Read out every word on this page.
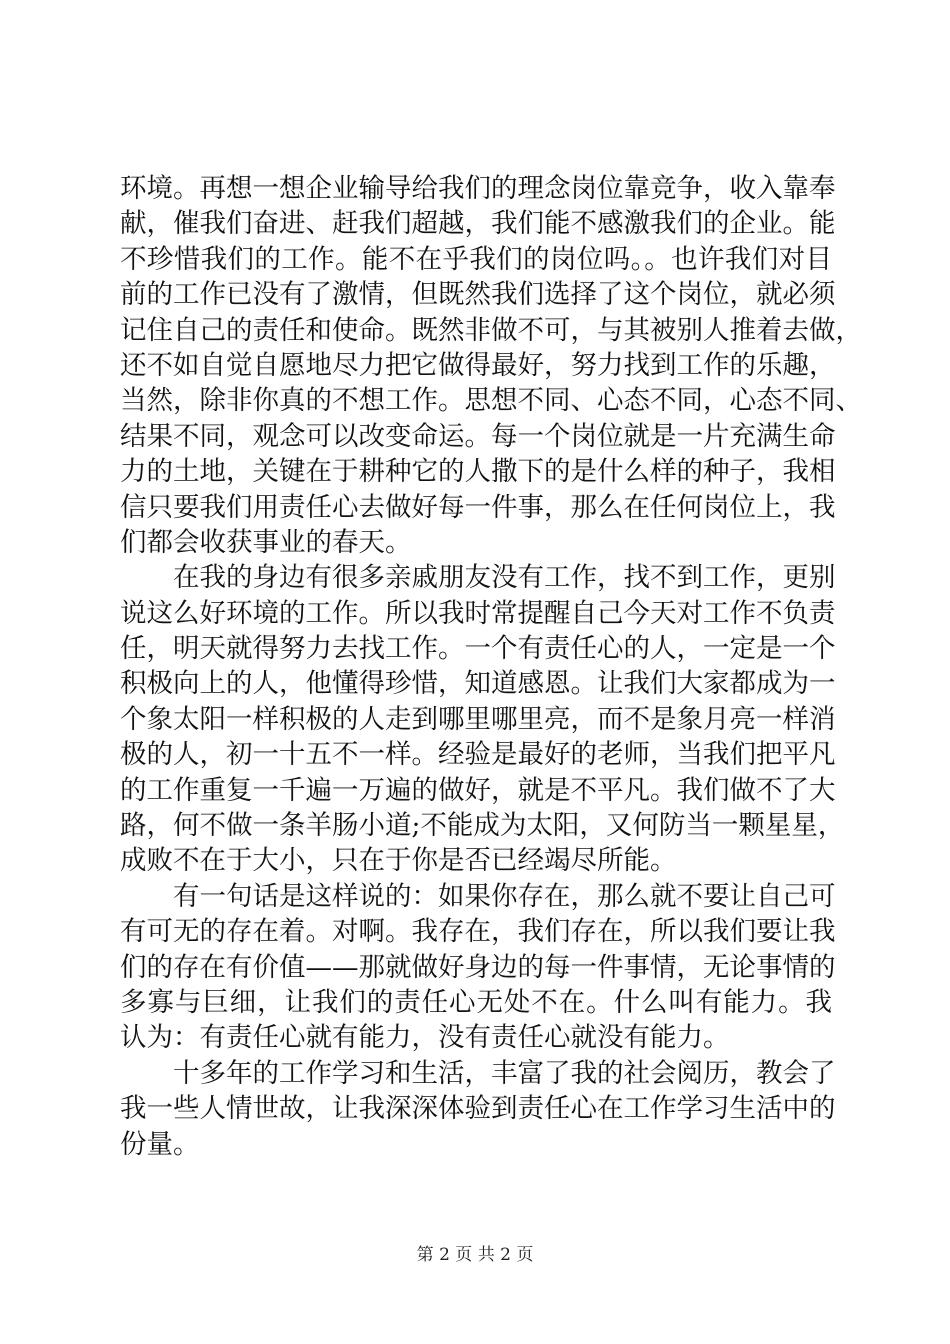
环境。再想一想企业输导给我们的理念岗位靠竞争，收入靠奉
献，催我们奋进、赶我们超越，我们能不感激我们的企业。能
不珍惜我们的工作。能不在乎我们的岗位吗。。也许我们对目
前的工作已没有了激情，但既然我们选择了这个岗位，就必须
记住自己的责任和使命。既然非做不可，与其被别人推着去做，
还不如自觉自愿地尽力把它做得最好，努力找到工作的乐趣，
当然，除非你真的不想工作。思想不同、心态不同，心态不同、
结果不同，观念可以改变命运。每一个岗位就是一片充满生命
力的土地，关键在于耕种它的人撒下的是什么样的种子，我相
信只要我们用责任心去做好每一件事，那么在任何岗位上，我
们都会收获事业的春天。
　　在我的身边有很多亲戚朋友没有工作，找不到工作，更别
说这么好环境的工作。所以我时常提醒自己今天对工作不负责
任，明天就得努力去找工作。一个有责任心的人，一定是一个
积极向上的人，他懂得珍惜，知道感恩。让我们大家都成为一
个象太阳一样积极的人走到哪里哪里亮，而不是象月亮一样消
极的人，初一十五不一样。经验是最好的老师，当我们把平凡
的工作重复一千遍一万遍的做好，就是不平凡。我们做不了大
路，何不做一条羊肠小道;不能成为太阳，又何防当一颗星星，
成败不在于大小，只在于你是否已经竭尽所能。
　　有一句话是这样说的：如果你存在，那么就不要让自己可
有可无的存在着。对啊。我存在，我们存在，所以我们要让我
们的存在有价值——那就做好身边的每一件事情，无论事情的
多寡与巨细，让我们的责任心无处不在。什么叫有能力。我
认为：有责任心就有能力，没有责任心就没有能力。
　　十多年的工作学习和生活，丰富了我的社会阅历，教会了
我一些人情世故，让我深深体验到责任心在工作学习生活中的
份量。
第 2 页 共 2 页
